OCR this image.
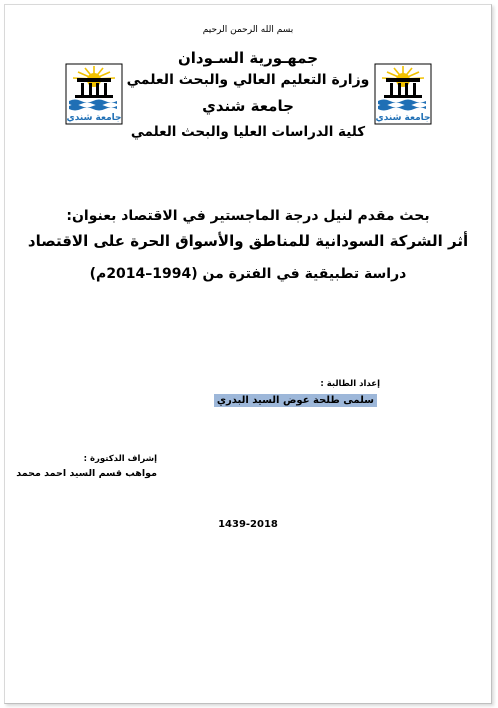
جامعة شندي	جامعة شندي
بسم الله الرحمن الرحيم
جمهـورية السـودان
وزارة التعليم العالي والبحث العلمي
جامعة شندي
كلية الدراسات العليا والبحث العلمي
بحث مقدم لنيل درجة الماجستير في الاقتصاد بعنوان:
أثر الشركة السودانية للمناطق والأسواق الحرة على الاقتصاد
دراسة تطبيقية في الفترة من (1994–2014م)
إعداد الطالبة :
سلمى طلحة عوض السيد البدري
إشراف الدكتورة :
مواهب قسم السيد احمد محمد
1439-2018
